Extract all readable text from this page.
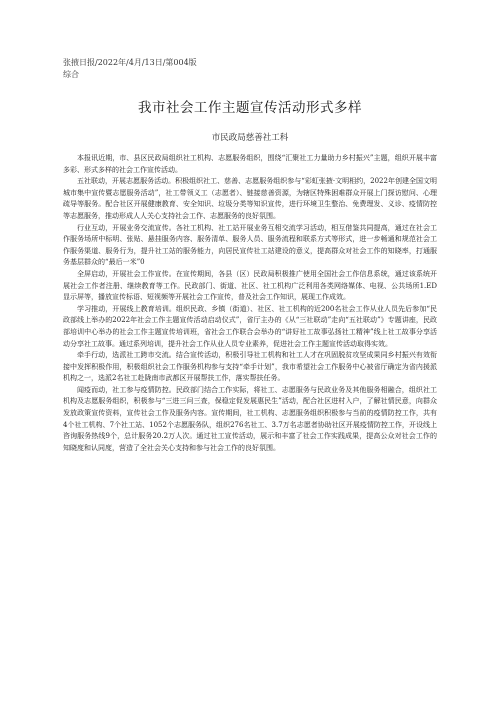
张掖日报/2022年/4月/13日/第004版
综合
我市社会工作主题宣传活动形式多样
市民政局慈善社工科

本报讯近期，市、县区民政局组织社工机构、志愿服务组织，围绕“汇聚社工力量助力乡村振兴”主题，组织开展丰富多彩、形式多样的社会工作宣传活动。

五社联动，开展志愿服务活动。积极组织社工、慈善、志愿服务组织参与“彩虹张掖·文明相约，2022年创建全国文明城市集中宣传暨志愿服务活动”，社工带领义工（志愿者）、链接慈善资源，为辖区特殊困难群众开展上门探访慰问、心理疏导等服务。配合社区开展健康教育、安全知识、垃圾分类等知识宣传，进行环境卫生整治、免费理发、义诊、疫情防控等志愿服务，推动形成人人关心支持社会工作、志愿服务的良好氛围。

行业互动，开展业务交流宣传。各社工机构、社工站开展业务互相交流学习活动，相互借鉴共同提高，通过在社会工作服务场所中标明、张贴、悬挂服务内容、服务清单、服务人员、服务流程和联系方式等形式，进一步畅通和规范社会工作服务渠道、服务行为，提升社工站的服务能力，向居民宣传社工站建设的意义，提高群众对社会工作的知晓率，打通服务基层群众的“最后一米”0

全屏启动，开展社会工作宣传。在宣传期间，各县（区）民政局积极推广使用全国社会工作信息系统，通过该系统开展社会工作者注册、继续教育等工作。民政部门、街道、社区、社工机构广泛利用各类网络媒体、电视、公共场所1.ED显示屏等，播放宣传标语、短视频等开展社会工作宣传，普及社会工作知识，展现工作成效。

学习推动，开展线上教育培训。组织民政、乡镇（街道）、社区、社工机构的近200名社会工作从业人员先后参加“民政部线上举办的2022年社会工作主题宣传活动启动仪式”，省厅主办的《从“三社联动”走向“五社联动”》专题讲座，民政部培训中心举办的社会工作主题宣传培训班，省社会工作联合会举办的“讲好社工故事弘扬社工精神”线上社工故事分享活动分享社工故事。通过系列培训，提升社会工作从业人员专业素养，促进社会工作主题宣传活动取得实效。

牵手行动，选派社工跨市交流。结合宣传活动，积极引导社工机构和社工人才在巩固脱贫攻坚成果同乡村振兴有效衔接中发挥积极作用，积极组织社会工作服务机构参与支持“牵手计划”，我市希望社会工作服务中心被省厅确定为省内援派机构之一，选派2名社工赴陇南市武都区开展帮扶工作，落实帮扶任务。

闻疫而动，社工参与疫情防控。民政部门结合工作实际，将社工、志愿服务与民政业务及其他服务相融合，组织社工机构及志愿服务组织，积极参与“三进三问三查，保稳定促发展惠民生”活动，配合社区进村入户，了解社情民意，向群众发放政策宣传资料，宣传社会工作及服务内容。宣传期间，社工机构、志愿服务组织积极参与当前的疫情防控工作，共有4个社工机构、7个社工站、1052个志愿服务队，组织276名社工、3.7万名志愿者协助社区开展疫情防控工作，开设线上咨询服务热线9个，总计服务20.2万人次。通过社工宣传活动，展示和丰富了社会工作实践成果，提高公众对社会工作的知晓度和认同度，营造了全社会关心支持和参与社会工作的良好氛围。
